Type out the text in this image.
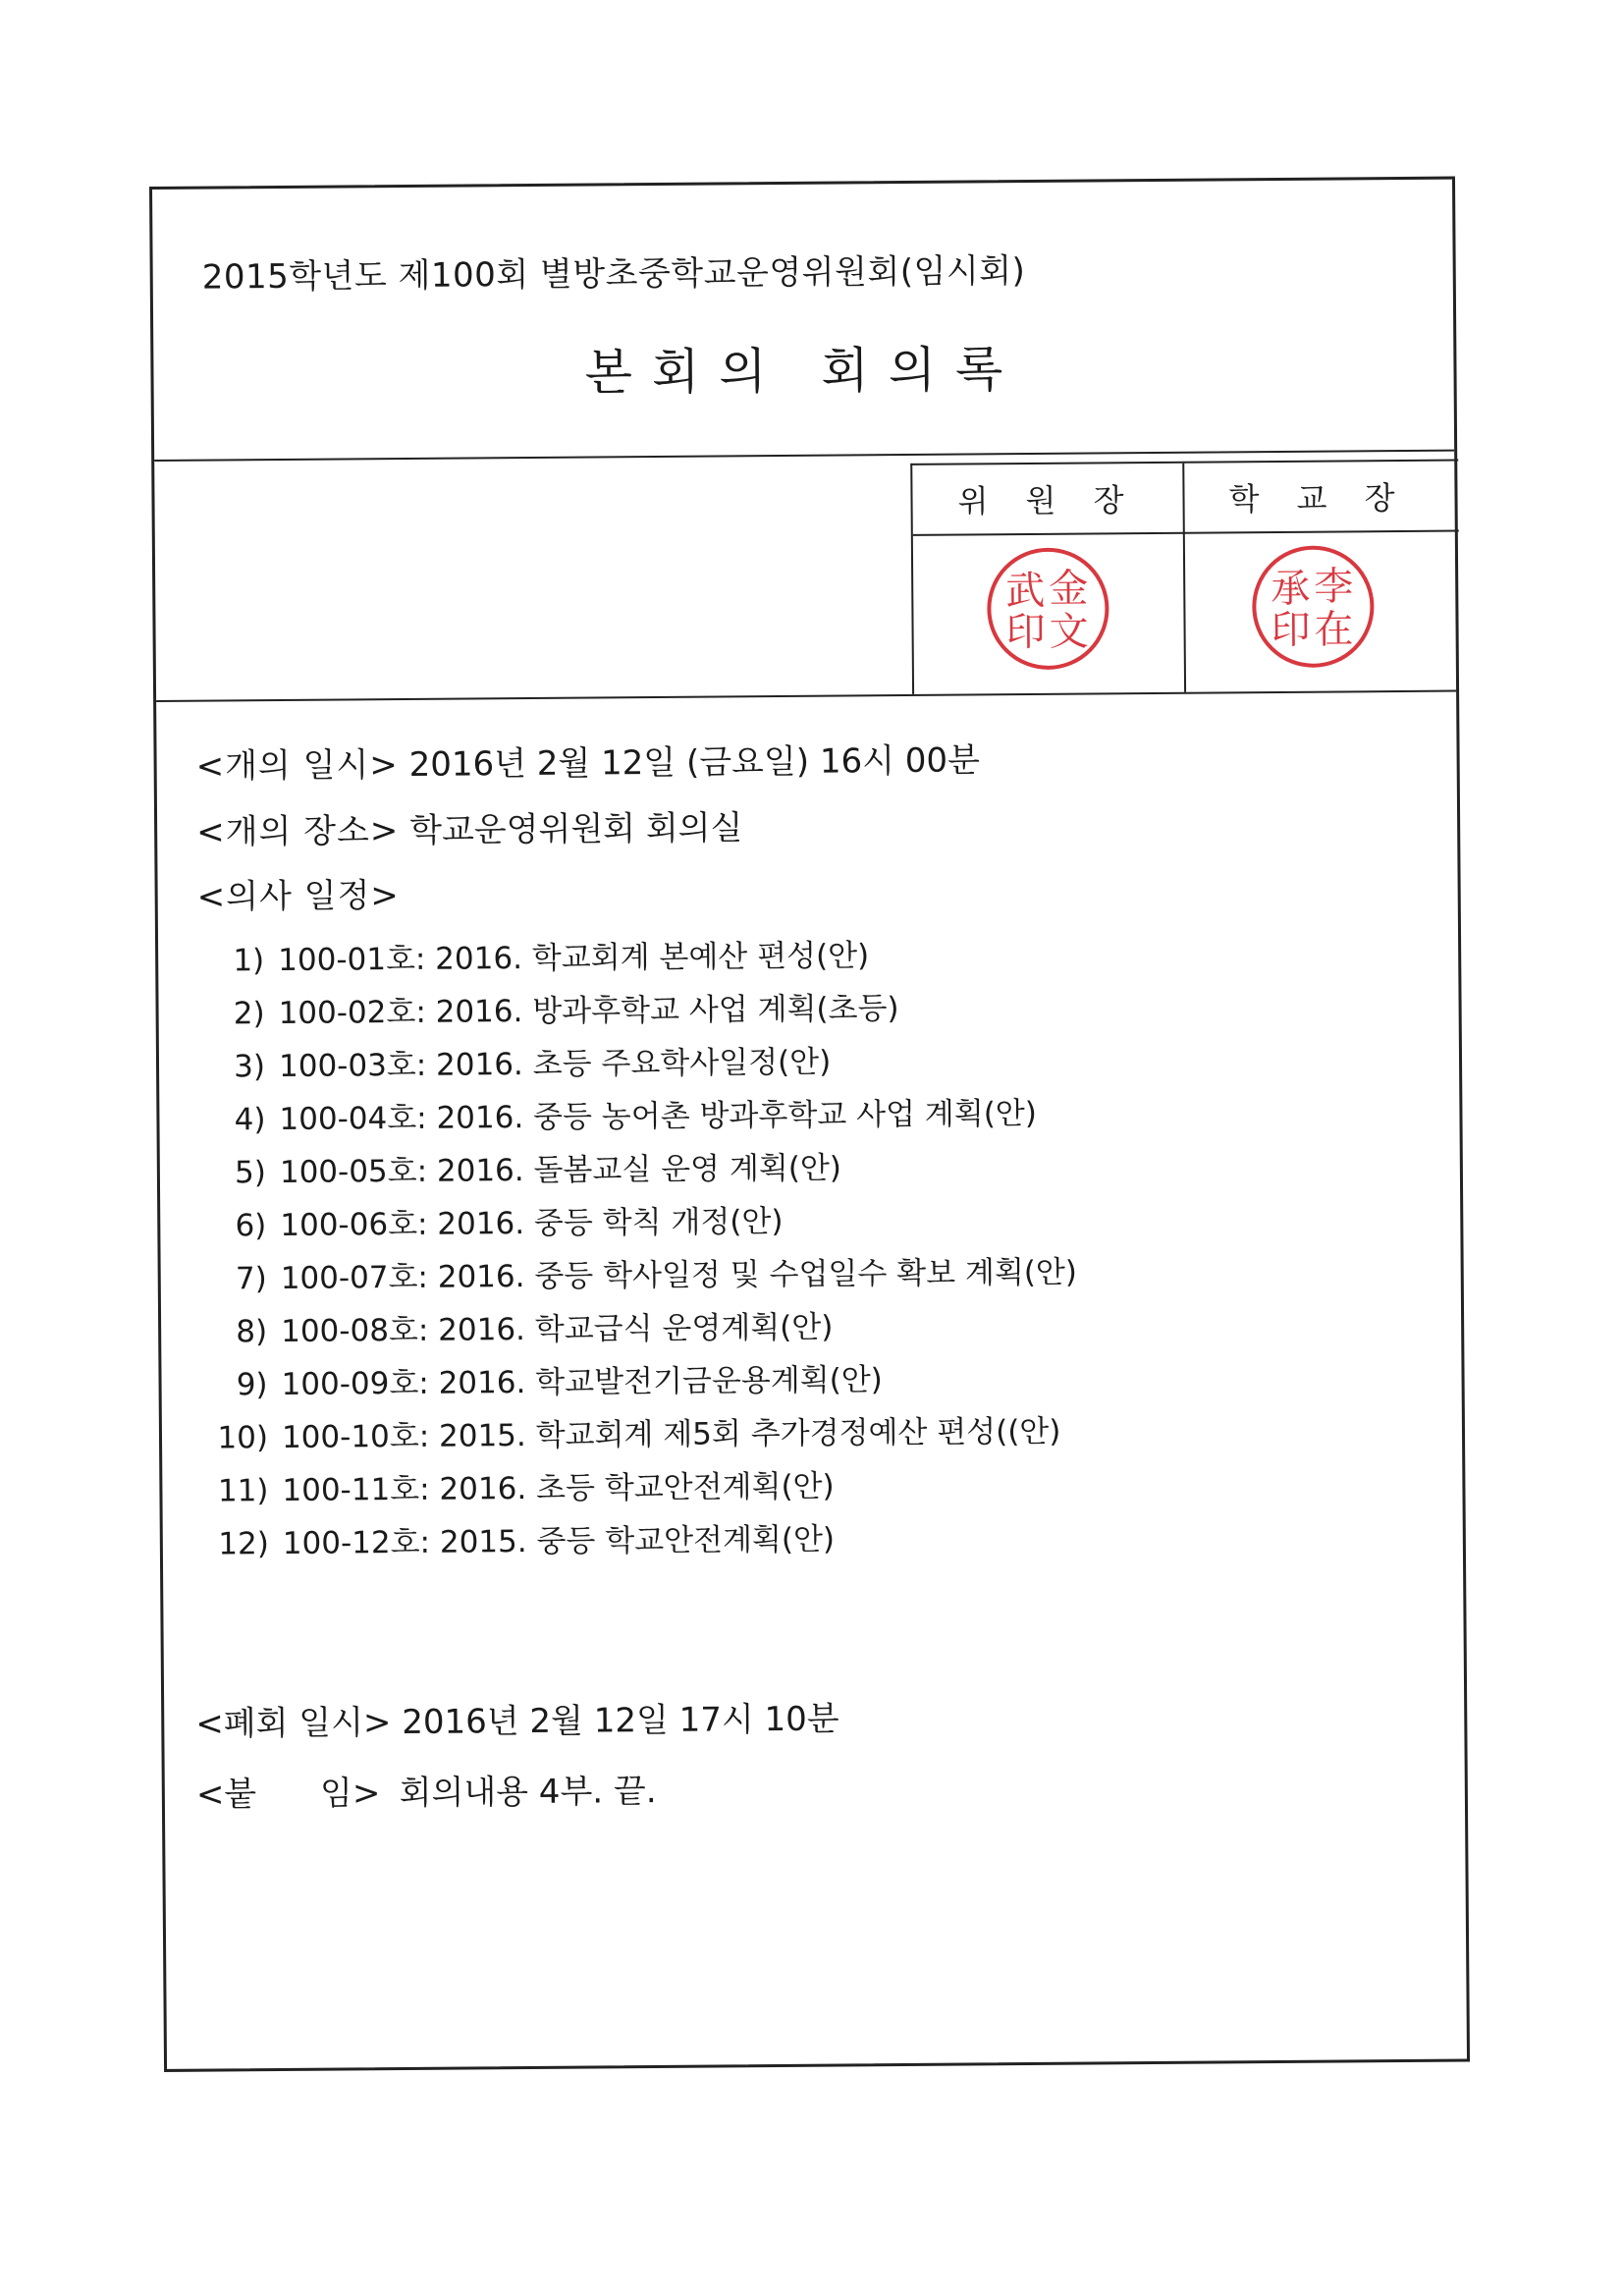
2015학년도 제100회 별방초중학교운영위원회(임시회)
본회의 회의록
위 원 장	학 교 장
金
武
文
印
李
承
在
印
<개의 일시> 2016년 2월 12일 (금요일) 16시 00분
<개의 장소> 학교운영위원회 회의실
<의사 일정>
1) 100-01호: 2016. 학교회계 본예산 편성(안)
2) 100-02호: 2016. 방과후학교 사업 계획(초등)
3) 100-03호: 2016. 초등 주요학사일정(안)
4) 100-04호: 2016. 중등 농어촌 방과후학교 사업 계획(안)
5) 100-05호: 2016. 돌봄교실 운영 계획(안)
6) 100-06호: 2016. 중등 학칙 개정(안)
7) 100-07호: 2016. 중등 학사일정 및 수업일수 확보 계획(안)
8) 100-08호: 2016. 학교급식 운영계획(안)
9) 100-09호: 2016. 학교발전기금운용계획(안)
10) 100-10호: 2015. 학교회계 제5회 추가경정예산 편성((안)
11) 100-11호: 2016. 초등 학교안전계획(안)
12) 100-12호: 2015. 중등 학교안전계획(안)
<폐회 일시> 2016년 2월 12일 17시 10분
<붙      임> 회의내용 4부. 끝.
